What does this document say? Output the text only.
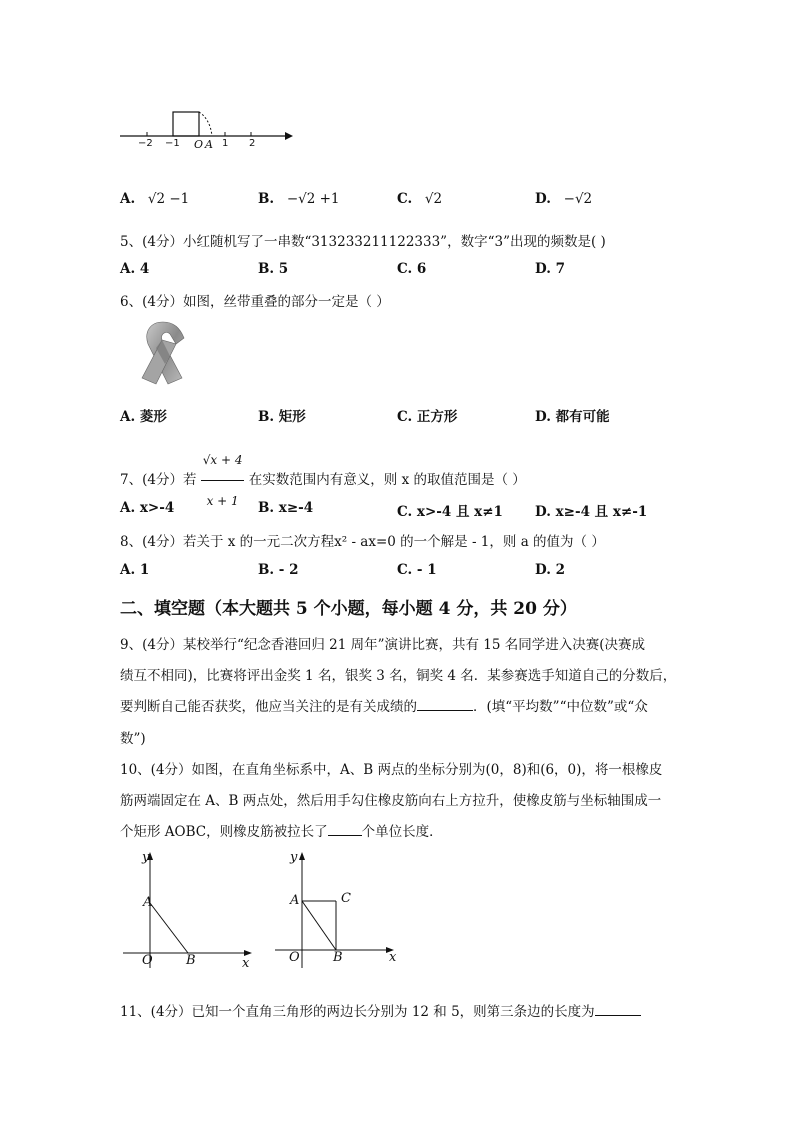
−2 −1 O A 1 2
A. √2 −1	B. −√2 +1	C. √2	D. −√2
5、(4分）小红随机写了一串数“313233211122333”，数字“3”出现的频数是( )
A. 4	B. 5	C. 6	D. 7
6、(4分）如图，丝带重叠的部分一定是（ ）
A. 菱形	B. 矩形	C. 正方形	D. 都有可能
7、(4分）若 $\frac{√x + 4}{x + 1}$ 在实数范围内有意义，则 x 的取值范围是（ ）
A. x>-4	B. x≥-4	C. x>-4 且 x≠1 D. x≥-4 且 x≠-1
8、(4分）若关于 x 的一元二次方程x² - ax=0 的一个解是 - 1，则 a 的值为（ ）
A. 1	B. - 2	C. - 1	D. 2
二、填空题（本大题共 5 个小题，每小题 4 分，共 20 分）
9、(4分）某校举行“纪念香港回归 21 周年”演讲比赛，共有 15 名同学进入决赛(决赛成
绩互不相同)，比赛将评出金奖 1 名，银奖 3 名，铜奖 4 名．某参赛选手知道自己的分数后，
要判断自己能否获奖，他应当关注的是有关成绩的	．(填“平均数”“中位数”或“众
数”)
10、(4分）如图，在直角坐标系中，A、B 两点的坐标分别为(0，8)和(6，0)，将一根橡皮
筋两端固定在 A、B 两点处，然后用手勾住橡皮筋向右上方拉升，使橡皮筋与坐标轴围成一
个矩形 AOBC，则橡皮筋被拉长了	个单位长度．
y
A
O	B	x
y
A	C
O	B	x
11、(4分）已知一个直角三角形的两边长分别为 12 和 5，则第三条边的长度为
